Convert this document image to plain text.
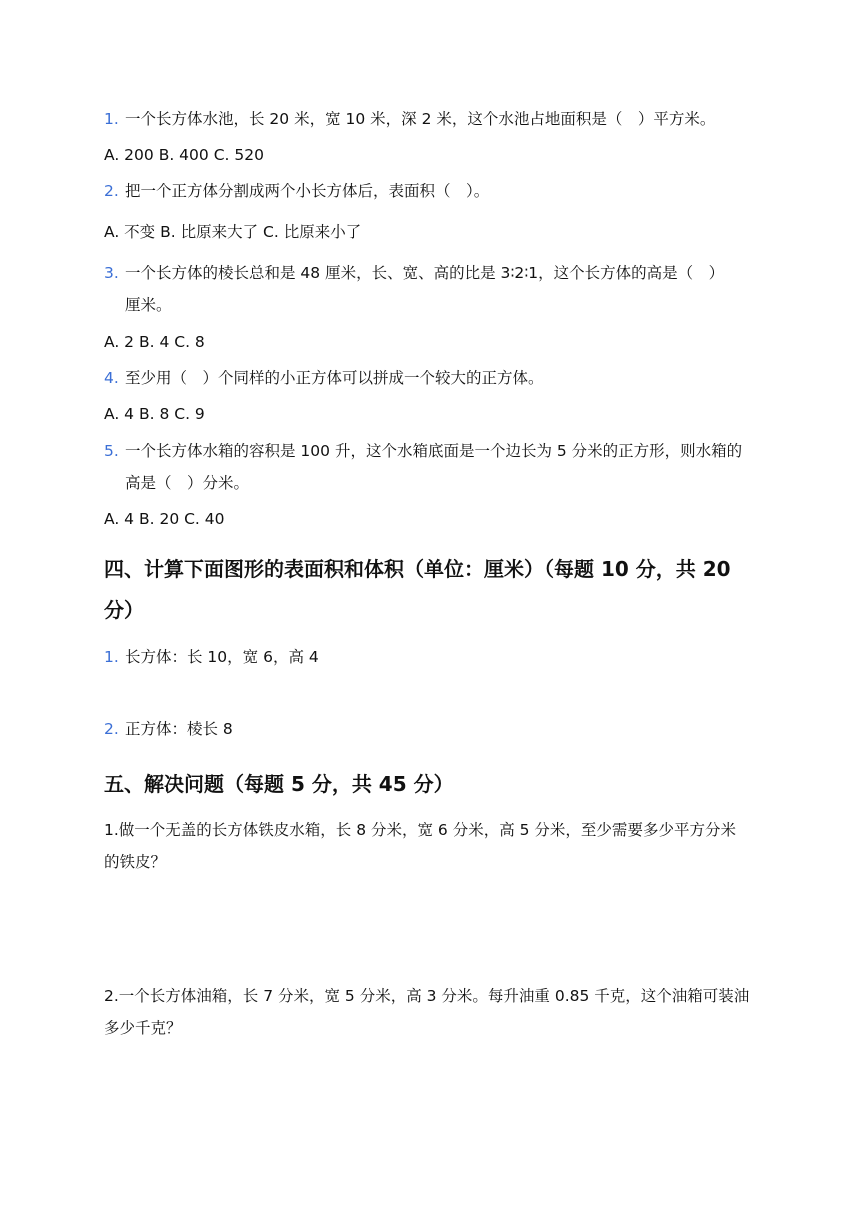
1. 一个长方体水池，长 20 米，宽 10 米，深 2 米，这个水池占地面积是（　）平方米。

A. 200 B. 400 C. 520

2. 把一个正方体分割成两个小长方体后，表面积（　）。

A. 不变 B. 比原来大了 C. 比原来小了

3. 一个长方体的棱长总和是 48 厘米，长、宽、高的比是 3∶2∶1，这个长方体的高是（　）

厘米。

A. 2 B. 4 C. 8

4. 至少用（　）个同样的小正方体可以拼成一个较大的正方体。

A. 4 B. 8 C. 9

5. 一个长方体水箱的容积是 100 升，这个水箱底面是一个边长为 5 分米的正方形，则水箱的

高是（　）分米。

A. 4 B. 20 C. 40

四、计算下面图形的表面积和体积（单位：厘米）（每题 10 分，共 20
分）
1. 长方体：长 10，宽 6，高 4

2. 正方体：棱长 8

五、解决问题（每题 5 分，共 45 分）

1.做一个无盖的长方体铁皮水箱，长 8 分米，宽 6 分米，高 5 分米，至少需要多少平方分米

的铁皮？

2.一个长方体油箱，长 7 分米，宽 5 分米，高 3 分米。每升油重 0.85 千克，这个油箱可装油

多少千克？
